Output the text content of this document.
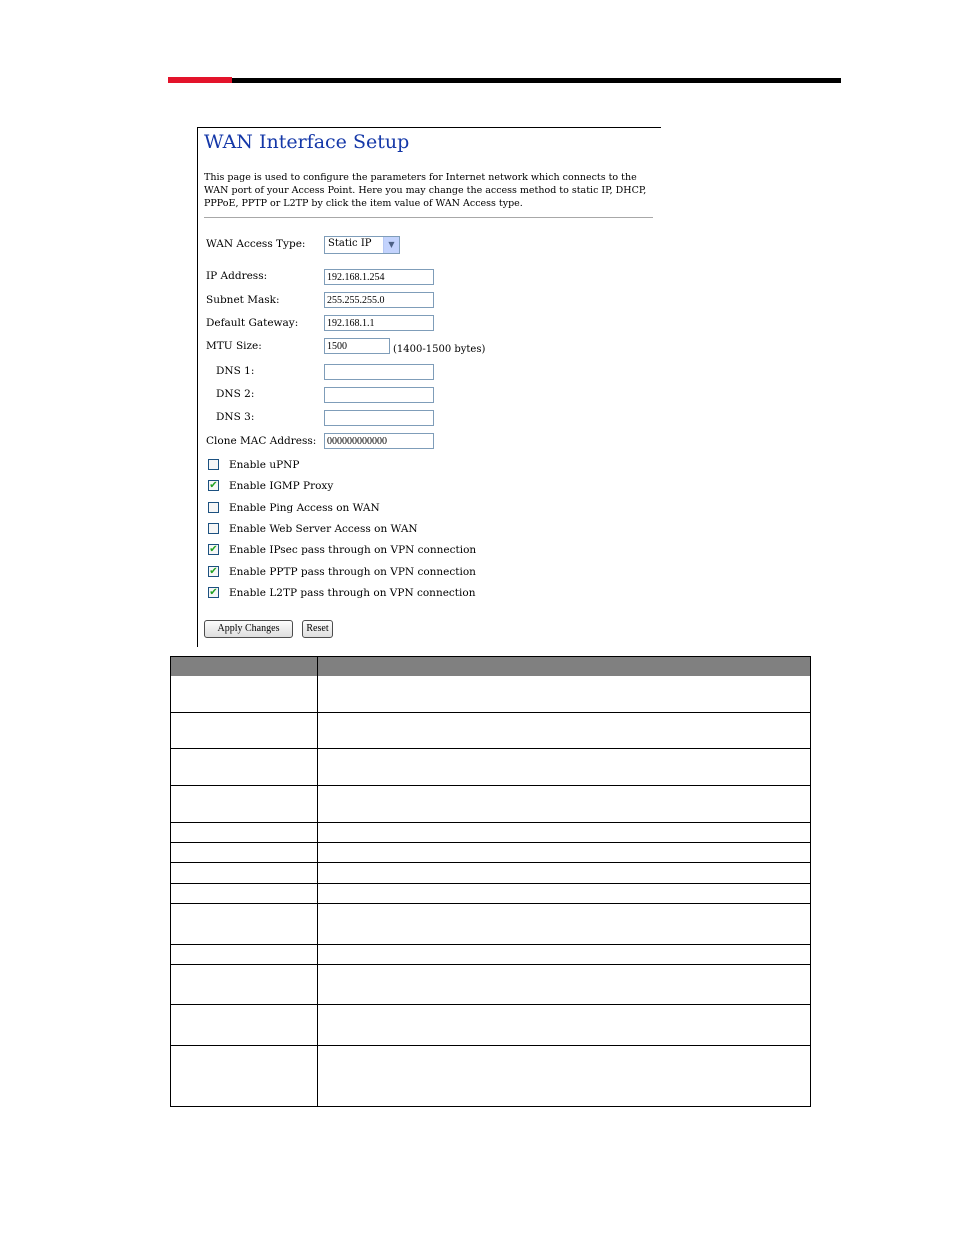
WAN Interface Setup
This page is used to configure the parameters for Internet network which connects to the WAN port of your Access Point. Here you may change the access method to static IP, DHCP, PPPoE, PPTP or L2TP by click the item value of WAN Access type.
WAN Access Type: Static IP	▼
IP Address:	192.168.1.254
Subnet Mask:	255.255.255.0
Default Gateway:	192.168.1.1
MTU Size:	1500	(1400-1500 bytes)
DNS 1:
DNS 2:
DNS 3:
Clone MAC Address:	000000000000
Enable uPNP
✔ Enable IGMP Proxy
Enable Ping Access on WAN
Enable Web Server Access on WAN
✔ Enable IPsec pass through on VPN connection
✔ Enable PPTP pass through on VPN connection
✔ Enable L2TP pass through on VPN connection
Apply Changes	Reset
